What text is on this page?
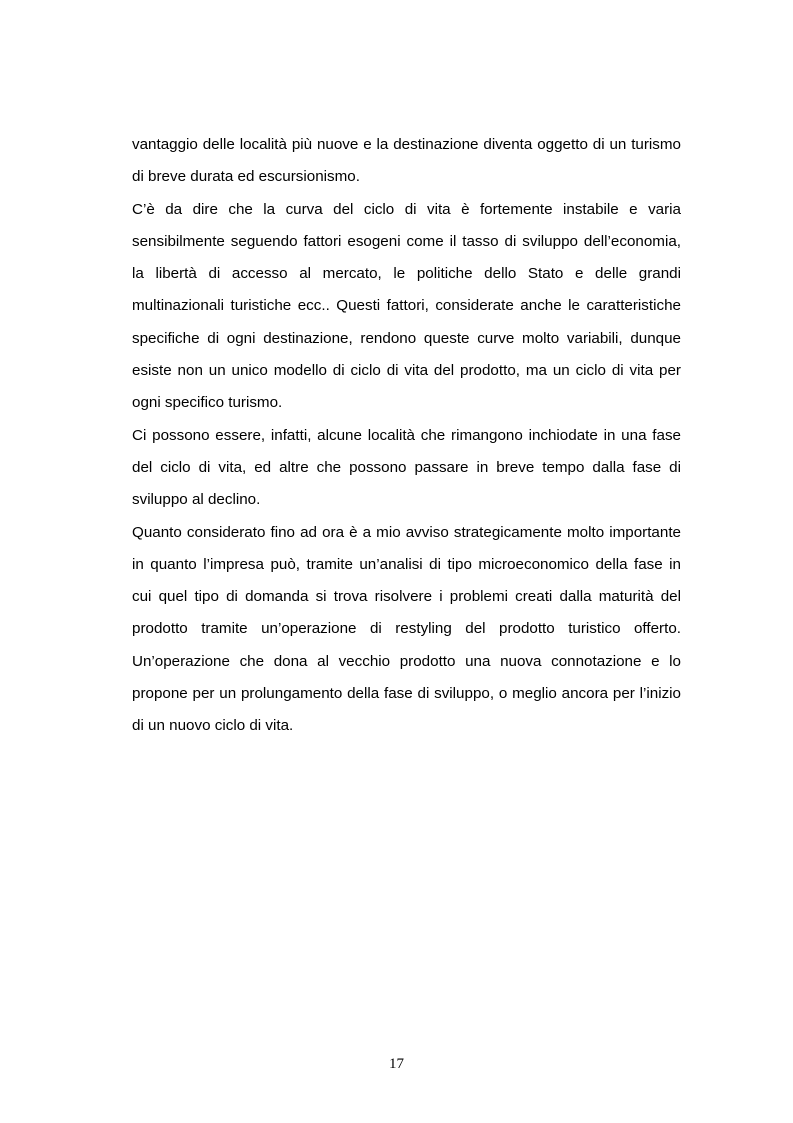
vantaggio delle località più nuove e la destinazione diventa oggetto di un turismo
di breve durata ed escursionismo.
C’è da dire che la curva del ciclo di vita è fortemente instabile e varia
sensibilmente seguendo fattori esogeni come il tasso di sviluppo dell’economia,
la libertà di accesso al mercato, le politiche dello Stato e delle grandi
multinazionali turistiche ecc.. Questi fattori, considerate anche le caratteristiche
specifiche di ogni destinazione, rendono queste curve molto variabili, dunque
esiste non un unico modello di ciclo di vita del prodotto, ma un ciclo di vita per
ogni specifico turismo.
Ci possono essere, infatti, alcune località che rimangono inchiodate in una fase
del ciclo di vita, ed altre che possono passare in breve tempo dalla fase di
sviluppo al declino.
Quanto considerato fino ad ora è a mio avviso strategicamente molto importante
in quanto l’impresa può, tramite un’analisi di tipo microeconomico della fase in
cui quel tipo di domanda si trova risolvere i problemi creati dalla maturità del
prodotto tramite un’operazione di restyling del prodotto turistico offerto.
Un’operazione che dona al vecchio prodotto una nuova connotazione e lo
propone per un prolungamento della fase di sviluppo, o meglio ancora per l’inizio
di un nuovo ciclo di vita.
17
